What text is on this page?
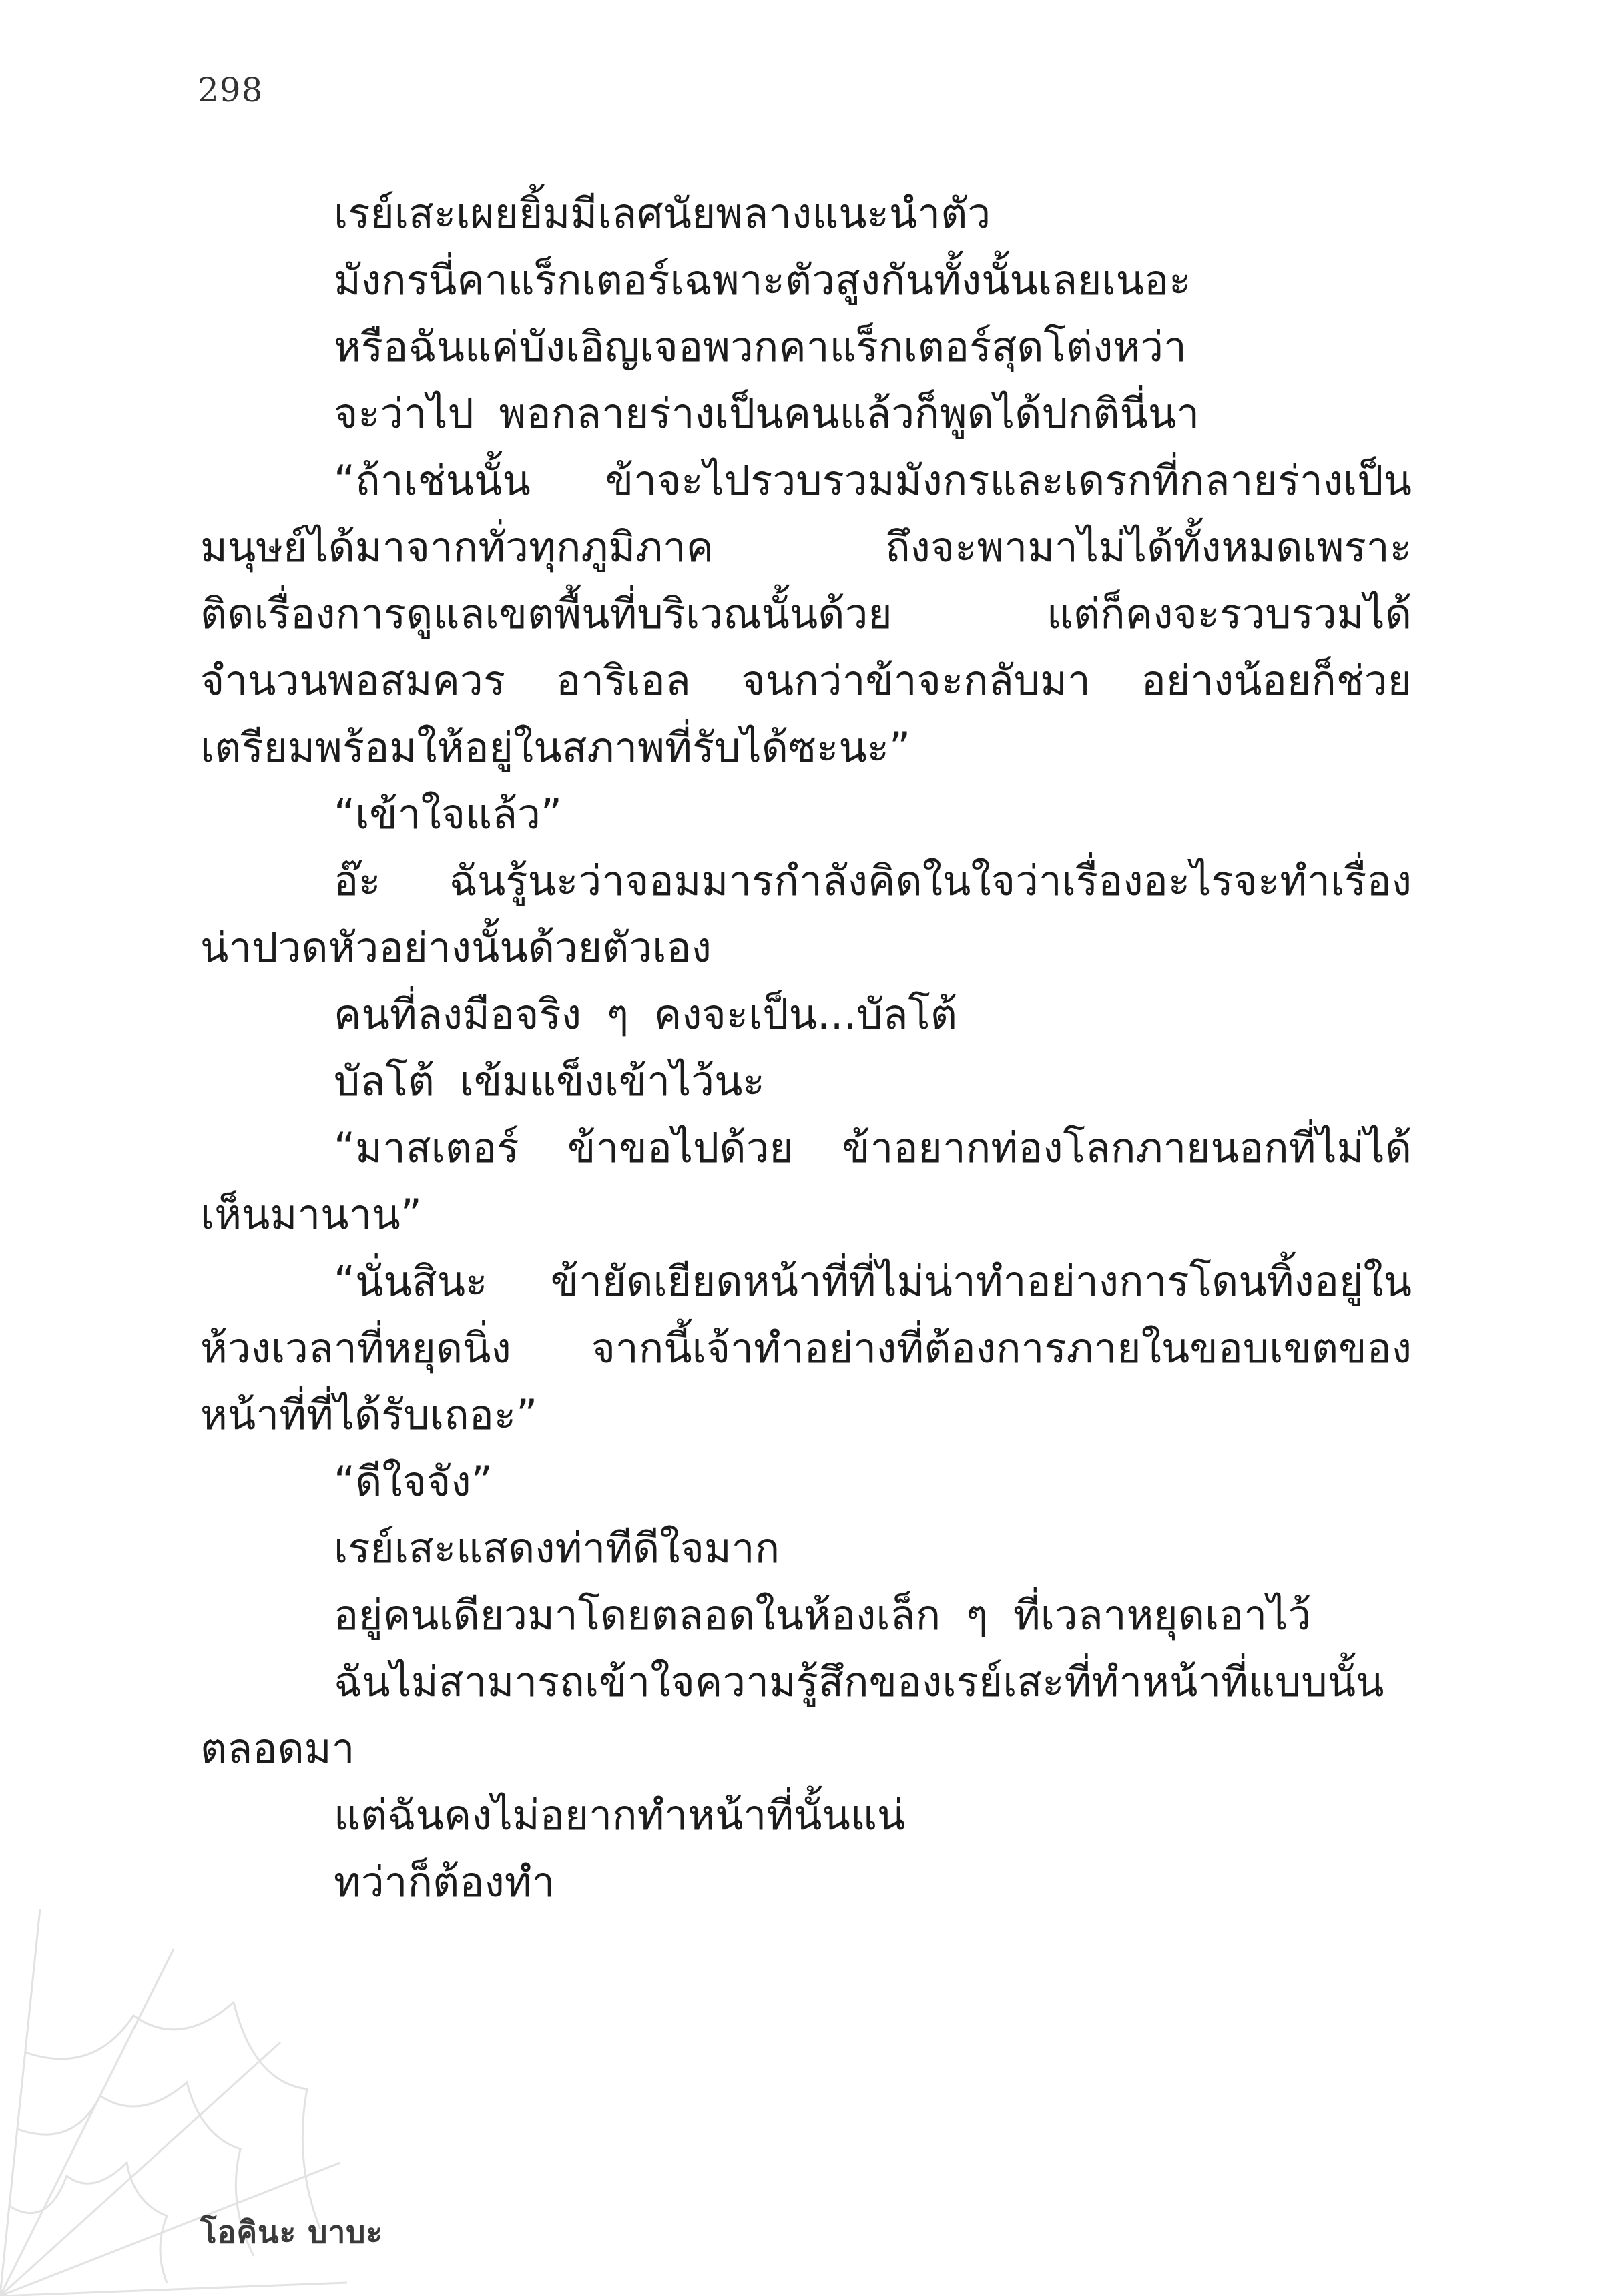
298
เรย์เสะเผยยิ้มมีเลศนัยพลางแนะนำตัว
มังกรนี่คาแร็กเตอร์เฉพาะตัวสูงกันทั้งนั้นเลยเนอะ
หรือฉันแค่บังเอิญเจอพวกคาแร็กเตอร์สุดโต่งหว่า
จะว่าไป พอกลายร่างเป็นคนแล้วก็พูดได้ปกตินี่นา
“ถ้าเช่นนั้น ข้าจะไปรวบรวมมังกรและเดรกที่กลายร่างเป็น
มนุษย์ได้มาจากทั่วทุกภูมิภาค ถึงจะพามาไม่ได้ทั้งหมดเพราะ
ติดเรื่องการดูแลเขตพื้นที่บริเวณนั้นด้วย แต่ก็คงจะรวบรวมได้
จำนวนพอสมควร อาริเอล จนกว่าข้าจะกลับมา อย่างน้อยก็ช่วย
เตรียมพร้อมให้อยู่ในสภาพที่รับได้ซะนะ”
“เข้าใจแล้ว”
อ๊ะ ฉันรู้นะว่าจอมมารกำลังคิดในใจว่าเรื่องอะไรจะทำเรื่อง
น่าปวดหัวอย่างนั้นด้วยตัวเอง
คนที่ลงมือจริง ๆ คงจะเป็น...บัลโต้
บัลโต้ เข้มแข็งเข้าไว้นะ
“มาสเตอร์ ข้าขอไปด้วย ข้าอยากท่องโลกภายนอกที่ไม่ได้
เห็นมานาน”
“นั่นสินะ ข้ายัดเยียดหน้าที่ที่ไม่น่าทำอย่างการโดนทิ้งอยู่ใน
ห้วงเวลาที่หยุดนิ่ง จากนี้เจ้าทำอย่างที่ต้องการภายในขอบเขตของ
หน้าที่ที่ได้รับเถอะ”
“ดีใจจัง”
เรย์เสะแสดงท่าทีดีใจมาก
อยู่คนเดียวมาโดยตลอดในห้องเล็ก ๆ ที่เวลาหยุดเอาไว้
ฉันไม่สามารถเข้าใจความรู้สึกของเรย์เสะที่ทำหน้าที่แบบนั้น
ตลอดมา
แต่ฉันคงไม่อยากทำหน้าที่นั้นแน่
ทว่าก็ต้องทำ
โอคินะ บาบะ
